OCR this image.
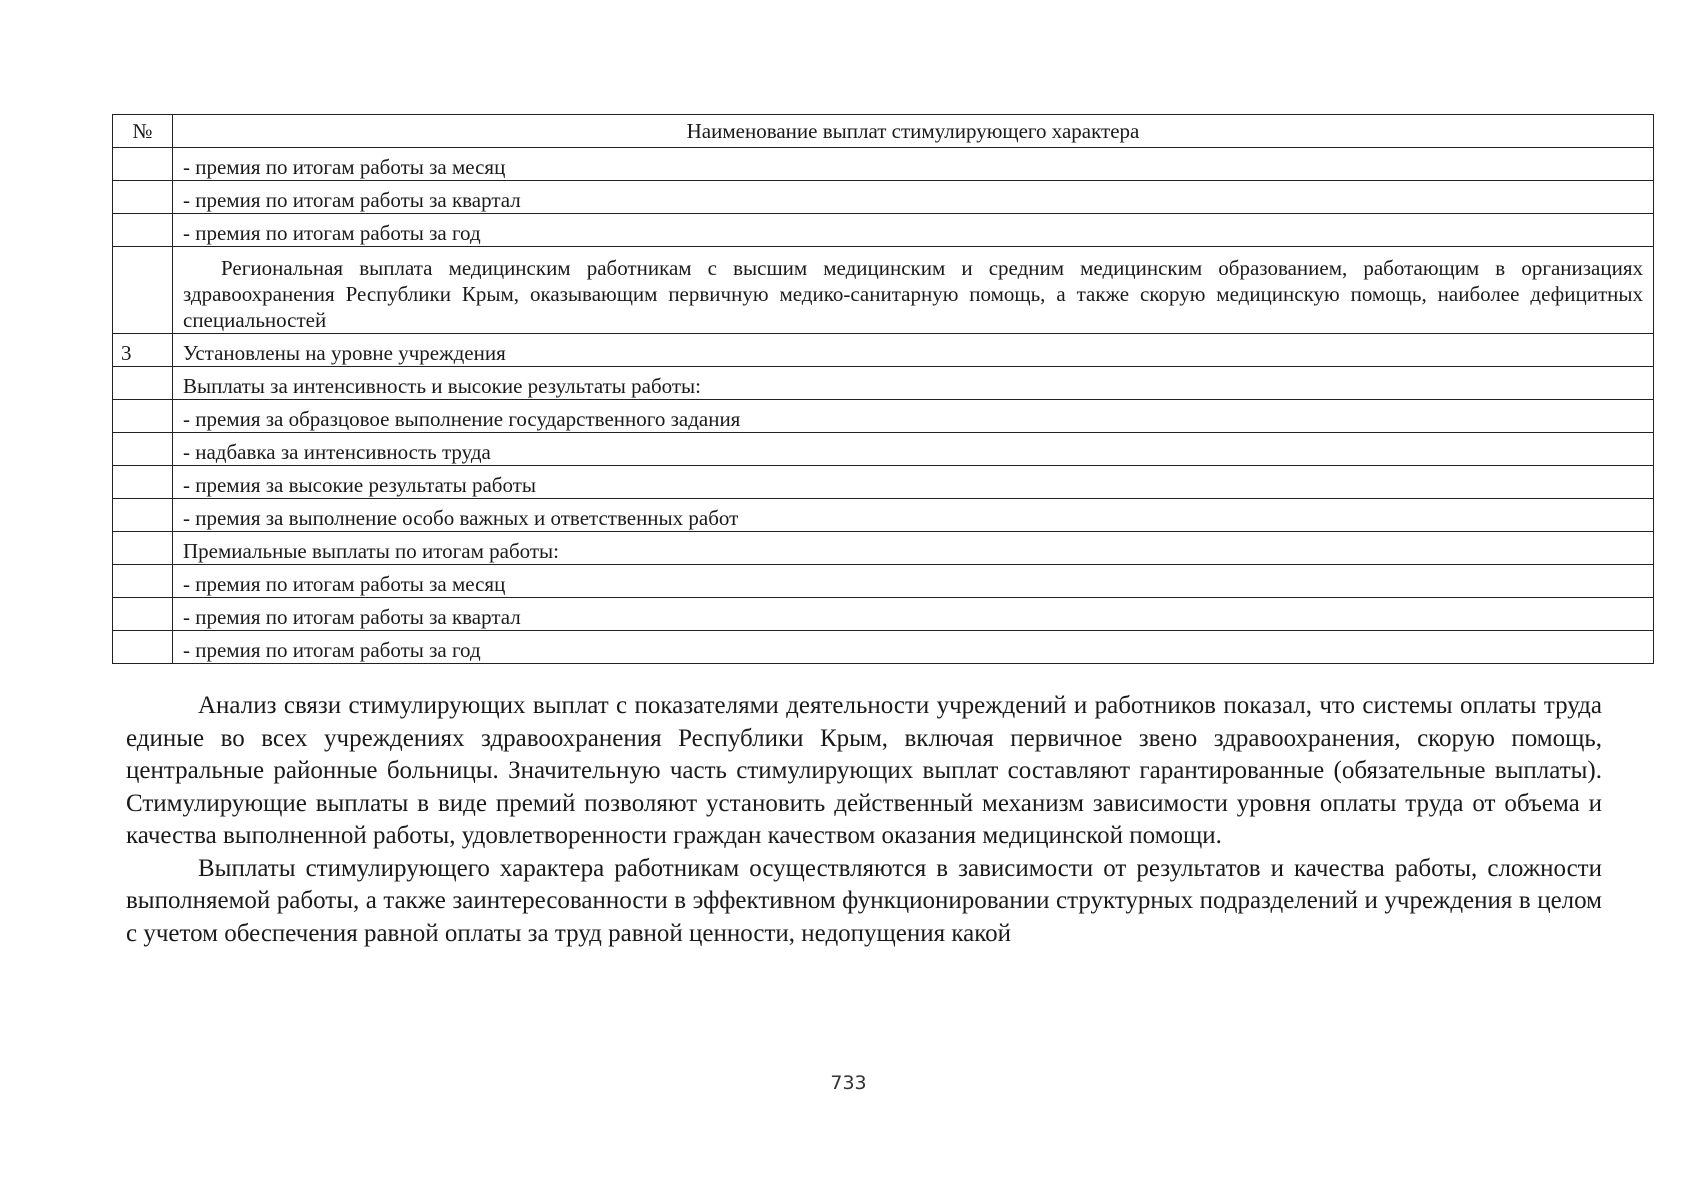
№	Наименование выплат стимулирующего характера
	- премия по итогам работы за месяц
	- премия по итогам работы за квартал
	- премия по итогам работы за год
	Региональная выплата медицинским работникам с высшим медицинским и средним медицинским образованием, работающим в организациях здравоохранения Республики Крым, оказывающим первичную медико-санитарную помощь, а также скорую медицинскую помощь, наиболее дефицитных специальностей
3	Установлены на уровне учреждения
	Выплаты за интенсивность и высокие результаты работы:
	- премия за образцовое выполнение государственного задания
	- надбавка за интенсивность труда
	- премия за высокие результаты работы
	- премия за выполнение особо важных и ответственных работ
	Премиальные выплаты по итогам работы:
	- премия по итогам работы за месяц
	- премия по итогам работы за квартал
	- премия по итогам работы за год

Анализ связи стимулирующих выплат с показателями деятельности учреждений и работников показал, что системы оплаты труда единые во всех учреждениях здравоохранения Республики Крым, включая первичное звено здравоохранения, скорую помощь, центральные районные больницы. Значительную часть стимулирующих выплат составляют гарантированные (обязательные выплаты). Стимулирующие выплаты в виде премий позволяют установить действенный механизм зависимости уровня оплаты труда от объема и качества выполненной работы, удовлетворенности граждан качеством оказания медицинской помощи.

Выплаты стимулирующего характера работникам осуществляются в зависимости от результатов и качества работы, сложности выполняемой работы, а также заинтересованности в эффективном функционировании структурных подразделений и учреждения в целом с учетом обеспечения равной оплаты за труд равной ценности, недопущения какой

733
